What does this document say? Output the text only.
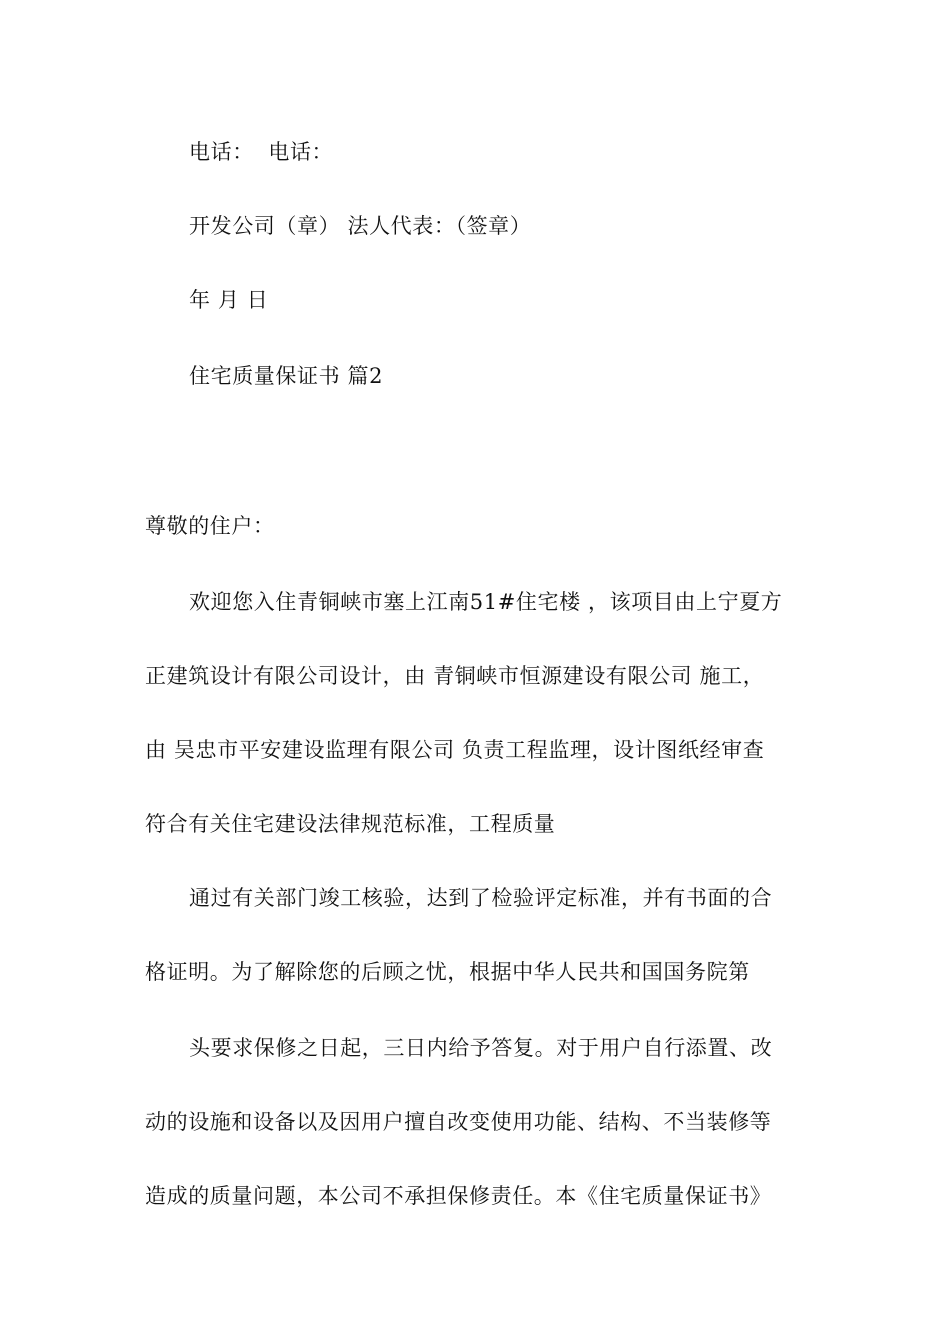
电话：  电话：
开发公司（章） 法人代表：（签章）
年 月 日
住宅质量保证书 篇2
尊敬的住户：
欢迎您入住青铜峡市塞上江南51#住宅楼 ，该项目由上宁夏方
正建筑设计有限公司设计，由 青铜峡市恒源建设有限公司 施工，
由 吴忠市平安建设监理有限公司 负责工程监理，设计图纸经审查
符合有关住宅建设法律规范标准，工程质量
通过有关部门竣工核验，达到了检验评定标准，并有书面的合
格证明。为了解除您的后顾之忧，根据中华人民共和国国务院第
头要求保修之日起，三日内给予答复。对于用户自行添置、改
动的设施和设备以及因用户擅自改变使用功能、结构、不当装修等
造成的质量问题，本公司不承担保修责任。本《住宅质量保证书》
